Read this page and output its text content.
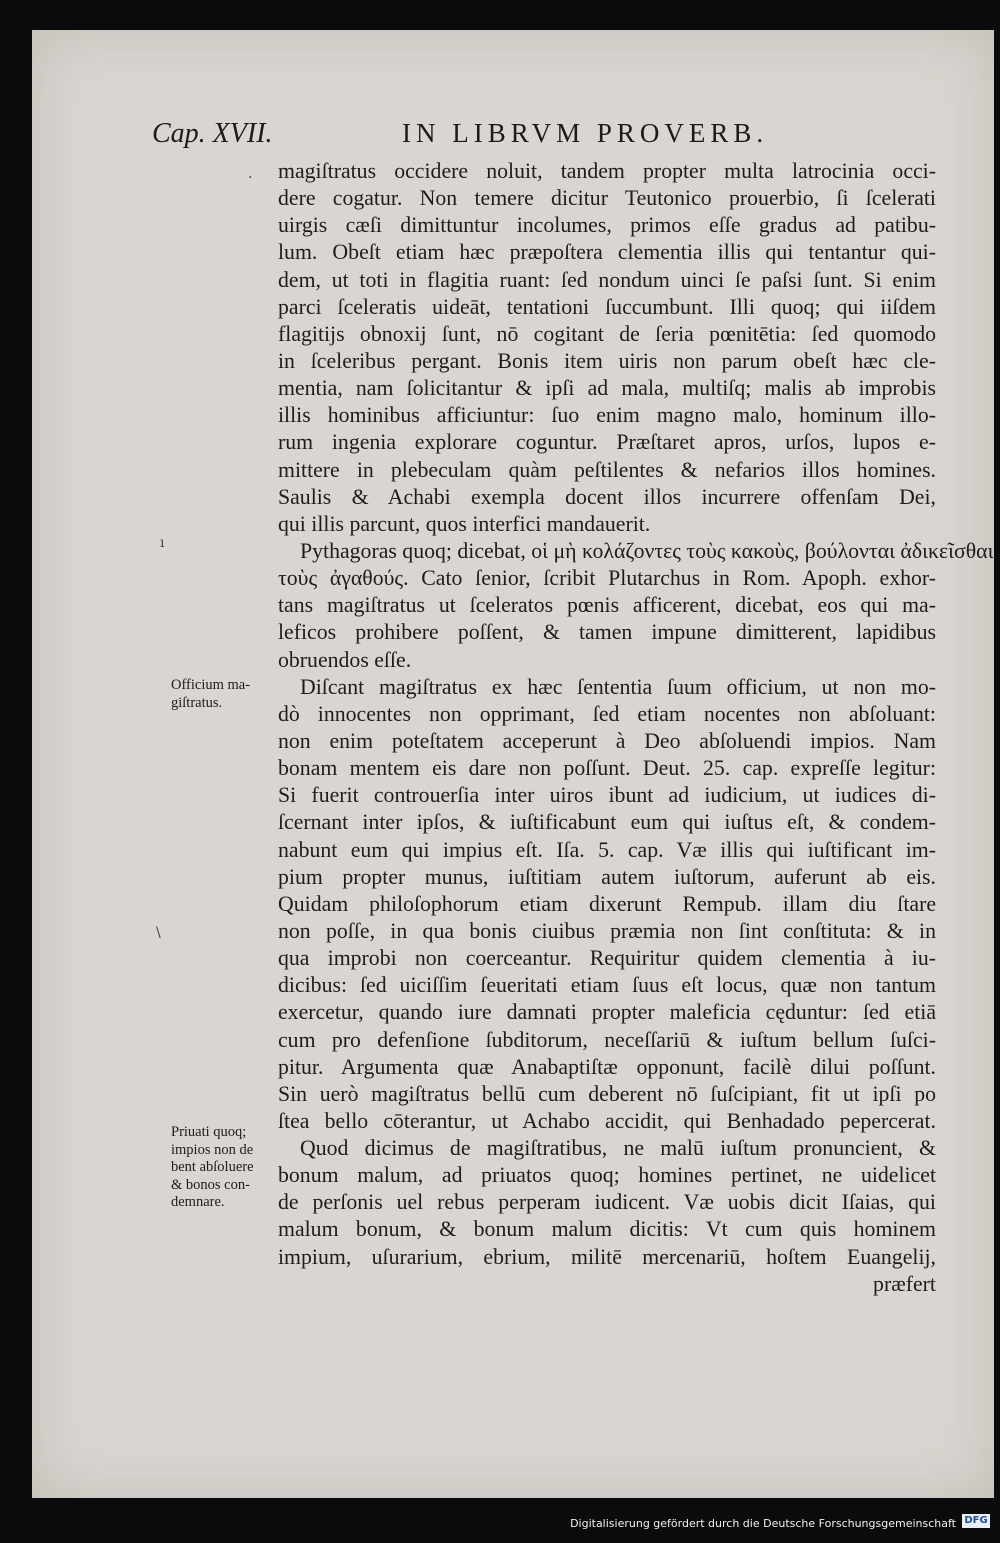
Cap. XVII.	IN LIBRVM PROVERB.
.
ı
\
magiſtratus occidere noluit, tandem propter multa latrocinia occi-
dere cogatur. Non temere dicitur Teutonico prouerbio, ſi ſcelerati
uirgis cæſi dimittuntur incolumes, primos eſſe gradus ad patibu-
lum. Obeſt etiam hæc præpoſtera clementia illis qui tentantur qui-
dem, ut toti in flagitia ruant: ſed nondum uinci ſe paſsi ſunt. Si enim
parci ſceleratis uideāt, tentationi ſuccumbunt. Illi quoq; qui iiſdem
flagitijs obnoxij ſunt, nō cogitant de ſeria pœnitētia: ſed quomodo
in ſceleribus pergant. Bonis item uiris non parum obeſt hæc cle-
mentia, nam ſolicitantur & ipſi ad mala, multiſq; malis ab improbis
illis hominibus afficiuntur: ſuo enim magno malo, hominum illo-
rum ingenia explorare coguntur. Præſtaret apros, urſos, lupos e-
mittere in plebeculam quàm peſtilentes & nefarios illos homines.
Saulis & Achabi exempla docent illos incurrere offenſam Dei,
qui illis parcunt, quos interfici mandauerit.
Pythagoras quoq; dicebat, οἱ μὴ κολάζοντες τοὺς κακοὺς, βούλονται ἀδικεῖσθαι
τοὺς ἀγαθούς. Cato ſenior, ſcribit Plutarchus in Rom. Apoph. exhor-
tans magiſtratus ut ſceleratos pœnis afficerent, dicebat, eos qui ma-
leficos prohibere poſſent, & tamen impune dimitterent, lapidibus
obruendos eſſe.
Diſcant magiſtratus ex hæc ſententia ſuum officium, ut non mo-
dò innocentes non opprimant, ſed etiam nocentes non abſoluant:
non enim poteſtatem acceperunt à Deo abſoluendi impios. Nam
bonam mentem eis dare non poſſunt. Deut. 25. cap. expreſſe legitur:
Si fuerit controuerſia inter uiros ibunt ad iudicium, ut iudices di-
ſcernant inter ipſos, & iuſtificabunt eum qui iuſtus eſt, & condem-
nabunt eum qui impius eſt. Iſa. 5. cap. Væ illis qui iuſtificant im-
pium propter munus, iuſtitiam autem iuſtorum, auferunt ab eis.
Quidam philoſophorum etiam dixerunt Rempub. illam diu ſtare
non poſſe, in qua bonis ciuibus præmia non ſint conſtituta: & in
qua improbi non coerceantur. Requiritur quidem clementia à iu-
dicibus: ſed uiciſſim ſeueritati etiam ſuus eſt locus, quæ non tantum
exercetur, quando iure damnati propter maleficia cęduntur: ſed etiā
cum pro defenſione ſubditorum, neceſſariū & iuſtum bellum ſuſci-
pitur. Argumenta quæ Anabaptiſtæ opponunt, facilè dilui poſſunt.
Sin uerò magiſtratus bellū cum deberent nō ſuſcipiant, fit ut ipſi po
ſtea bello cōterantur, ut Achabo accidit, qui Benhadado pepercerat.
Quod dicimus de magiſtratibus, ne malū iuſtum pronuncient, &
bonum malum, ad priuatos quoq; homines pertinet, ne uidelicet
de perſonis uel rebus perperam iudicent. Væ uobis dicit Iſaias, qui
malum bonum, & bonum malum dicitis: Vt cum quis hominem
impium, uſurarium, ebrium, militē mercenariū, hoſtem Euangelij,
præfert
Officium ma-
giſtratus.
Priuati quoq;
impios non de
bent abſoluere
& bonos con-
demnare.
Digitalisierung gefördert durch die Deutsche Forschungsgemeinschaft DFG
